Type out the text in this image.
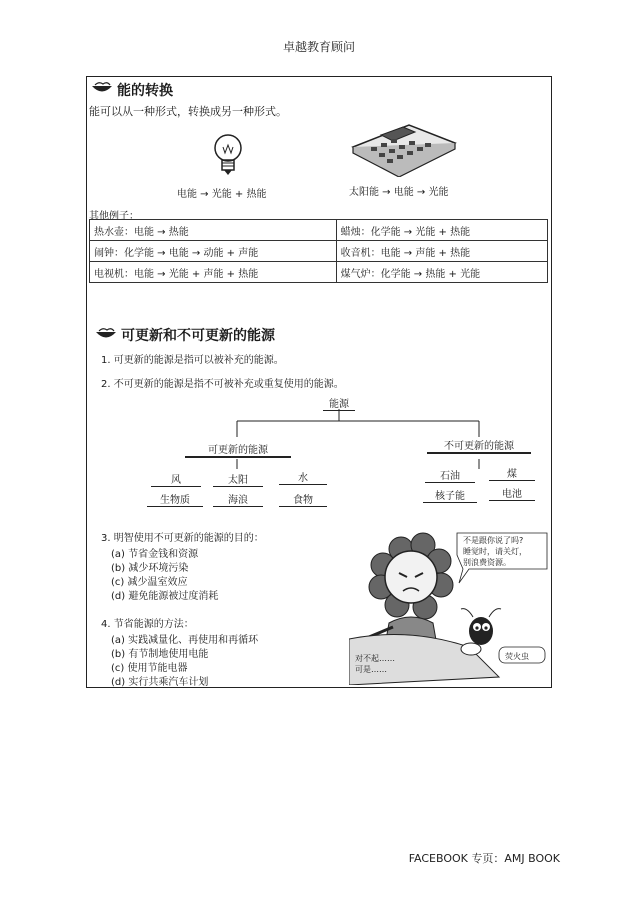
卓越教育顾问
能的转换
能可以从一种形式，转换成另一种形式。
电能 → 光能 + 热能	太阳能 → 电能 → 光能
其他例子：
热水壶：电能 → 热能	蜡烛：化学能 → 光能 + 热能
闹钟：化学能 → 电能 → 动能 + 声能	收音机：电能 → 声能 + 热能
电视机：电能 → 光能 + 声能 + 热能	煤气炉：化学能 → 热能 + 光能
可更新和不可更新的能源
1. 可更新的能源是指可以被补充的能源。
2. 不可更新的能源是指不可被补充或重复使用的能源。
能源
可更新的能源	不可更新的能源
风	太阳	水
生物质	海浪	食物
石油	煤
核子能	电池
3. 明智使用不可更新的能源的目的：
(a) 节省金钱和资源
(b) 减少环境污染
(c) 减少温室效应
(d) 避免能源被过度消耗
4. 节省能源的方法：
(a) 实践减量化、再使用和再循环
(b) 有节制地使用电能
(c) 使用节能电器
(d) 实行共乘汽车计划
不是跟你说了吗?
睡觉时，请关灯，
别浪费资源。
对不起……
可是……
荧火虫
FACEBOOK 专页：AMJ BOOK
